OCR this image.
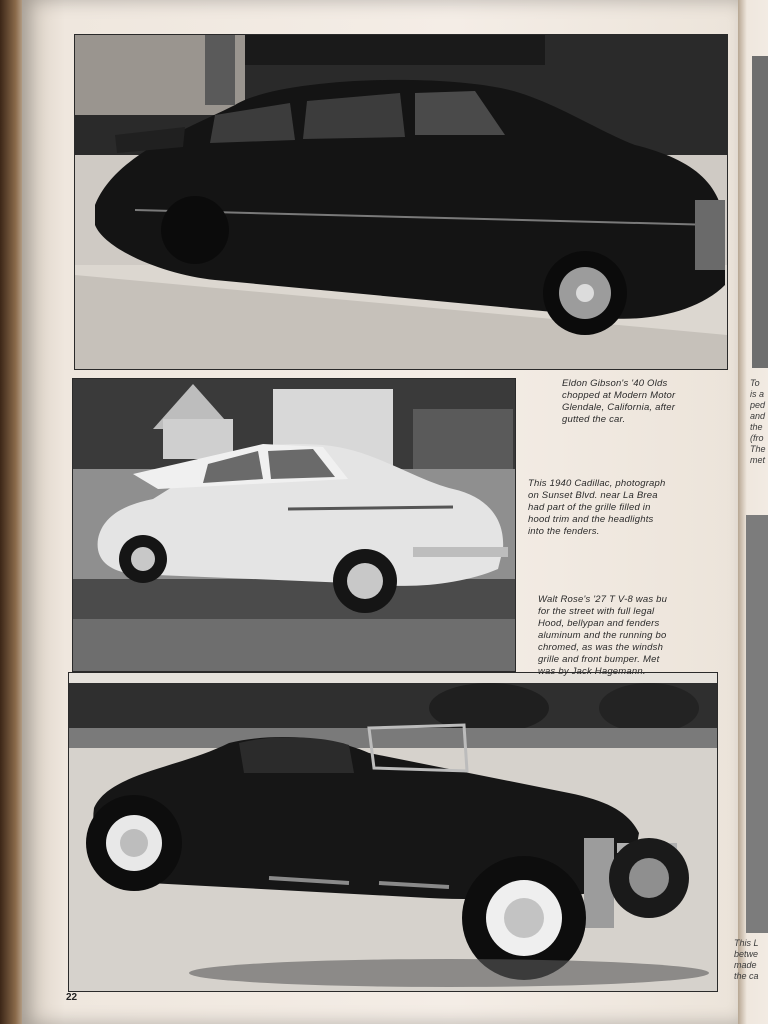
Eldon Gibson's '40 Olds
chopped at Modern Motor
Glendale, California, after
gutted the car.
This 1940 Cadillac, photograph
on Sunset Blvd. near La Brea
had part of the grille filled in
hood trim and the headlights
into the fenders.
Walt Rose's '27 T V-8 was bu
for the street with full legal
Hood, bellypan and fenders
aluminum and the running bo
chromed, as was the windsh
grille and front bumper. Met
was by Jack Hagemann.
To
is a
ped
and
the
(fro
The
met
This L
betwe
made
the ca
22
